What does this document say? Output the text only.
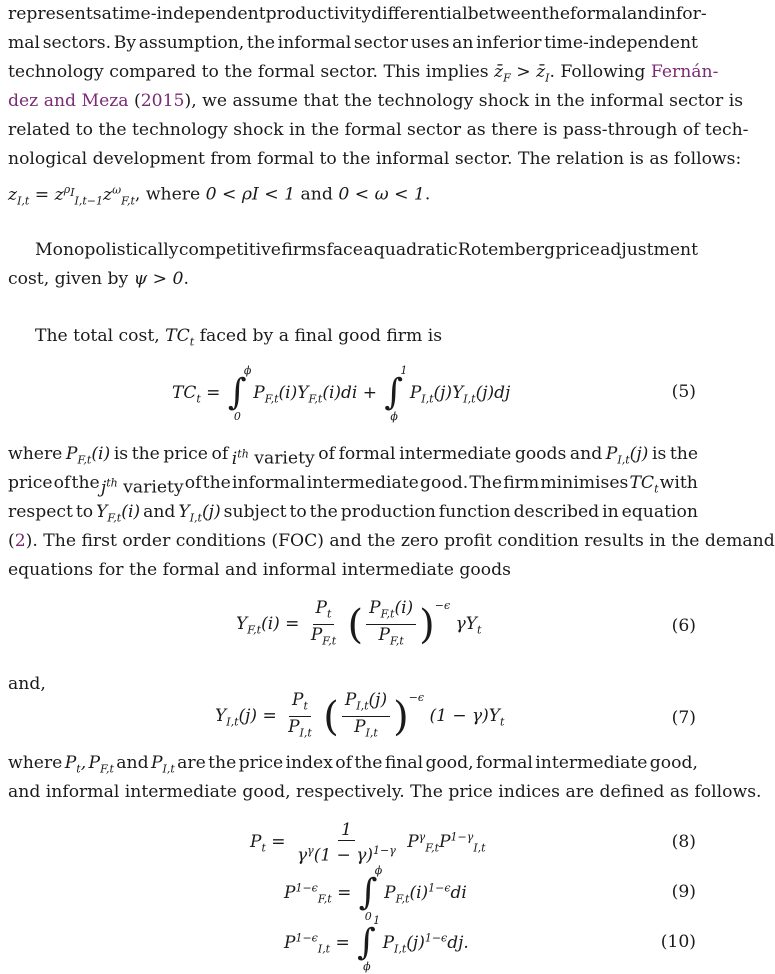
represents a time-independent productivity differential between the formal and infor-
mal sectors. By assumption, the informal sector uses an inferior time-independent
technology compared to the formal sector. This implies $z̄_F$ > $z̄_I$. Following Fernán-
dez and Meza (2015), we assume that the technology shock in the informal sector is
related to the technology shock in the formal sector as there is pass-through of tech-
nological development from formal to the informal sector. The relation is as follows:
$z_{I,t} = z^{\rho_I}_{I,t-1}z^\omega_{F,t}$, where 0 < ρI < 1 and 0 < ω < 1.
Monopolistically competitive firms face a quadratic Rotemberg price adjustment
cost, given by ψ > 0.
The total cost, $TC_t$ faced by a final good firm is
$TC_t$ = ∫
ϕ
0
$P_{F,t}(i)Y_{F,t}(i)di$ + ∫
1
ϕ
$P_{I,t}(j)Y_{I,t}(j)dj$	(5)
where $P_{F,t}(i)$ is the price of $i^{th}$ variety of formal intermediate goods and $P_{I,t}(j)$ is the
price of the $j^{th}$ variety of the informal intermediate good. The firm minimises $TC_t$ with
respect to $Y_{F,t}(i)$ and $Y_{I,t}(j)$ subject to the production function described in equation
(2). The first order conditions (FOC) and the zero profit condition results in the demand
equations for the formal and informal intermediate goods
$Y_{F,t}(i) = \frac{P_t}{P_{F,t}}$ ( $\frac{P_{F,t}(i)}{P_{F,t}} )^{-\epsilon}$ $\gamma Y_t$	(6)
and,
$Y_{I,t}(j) = \frac{P_t}{P_{I,t}}$ ( $\frac{P_{I,t}(j)}{P_{I,t}} )^{-\epsilon}$ $(1 - \gamma)Y_t$	(7)
where $P_t$, $P_{F,t}$ and $P_{I,t}$ are the price index of the final good, formal intermediate good,
and informal intermediate good, respectively. The price indices are defined as follows.
$P_t = \frac{1}{\gamma^\gamma(1 - \gamma)^{1-\gamma}} P^\gamma_{F,t}P^{1-\gamma}_{I,t}$	(8)
$P^{1-\epsilon}_{F,t}$ = ∫
ϕ
0
$P_{F,t}(i)^{1-\epsilon}di$	(9)
$P^{1-\epsilon}_{I,t}$ = ∫
1
ϕ
$P_{I,t}(j)^{1-\epsilon}dj$.	(10)
